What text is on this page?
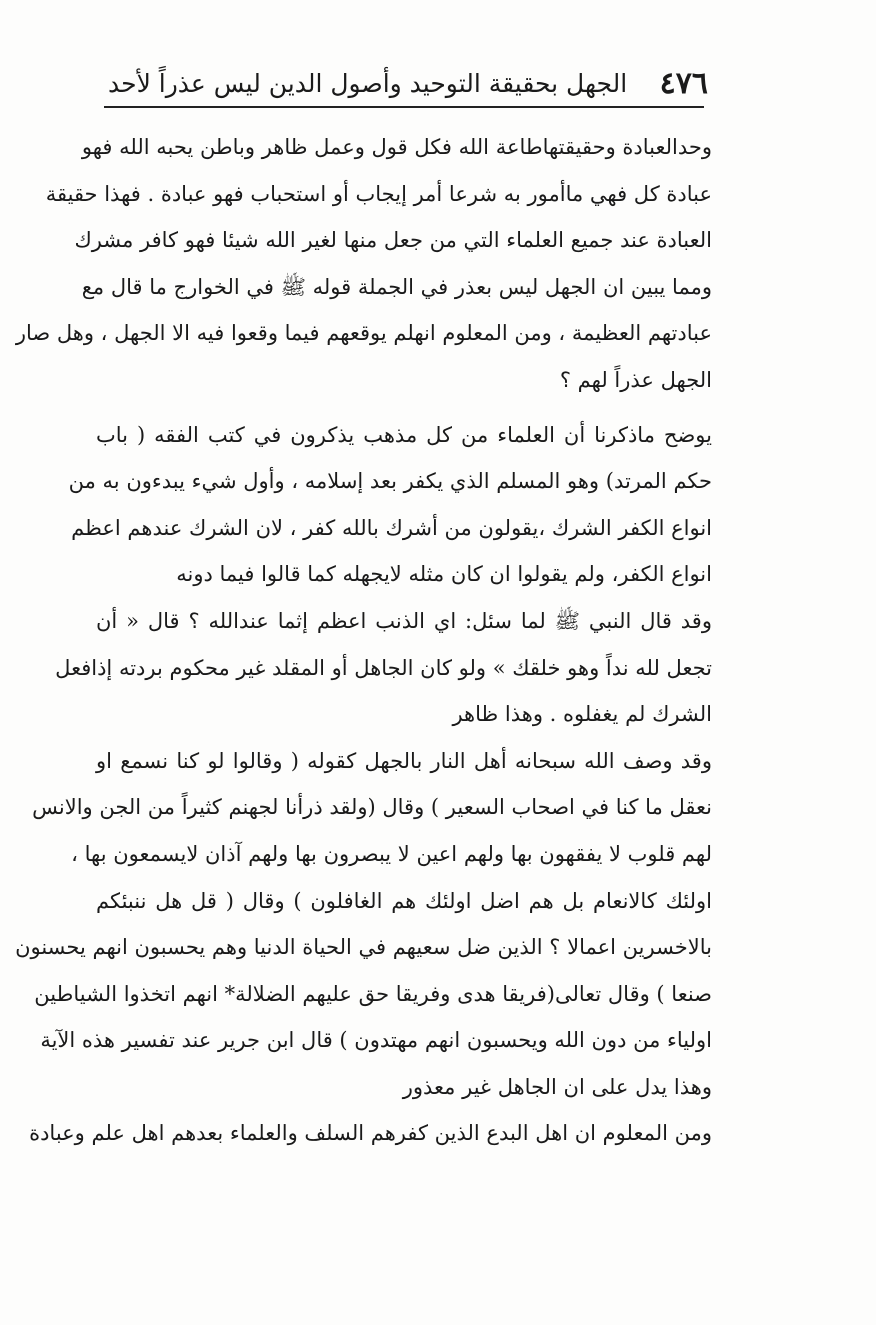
٤٧٦
الجهل بحقيقة التوحيد وأصول الدين ليس عذراً لأحد

وحدالعبادة وحقيقتهاطاعة الله فكل قول وعمل ظاهر وباطن يحبه الله فهو
عبادة كل فهي ماأمور به شرعا أمر إيجاب أو استحباب فهو عبادة . فهذا حقيقة
العبادة عند جميع العلماء التي من جعل منها لغير الله شيئا فهو كافر مشرك

ومما يبين ان الجهل ليس بعذر في الجملة قوله ﷺ في الخوارج ما قال مع
عبادتهم العظيمة ، ومن المعلوم انهلم يوقعهم فيما وقعوا فيه الا الجهل ، وهل صار
الجهل عذراً لهم ؟

يوضح ماذكرنا أن العلماء من كل مذهب يذكرون في كتب الفقه ( باب
حكم المرتد) وهو المسلم الذي يكفر بعد إسلامه ، وأول شيء يبدءون به من
انواع الكفر الشرك ،يقولون من أشرك بالله كفر ، لان الشرك عندهم اعظم
انواع الكفر، ولم يقولوا ان كان مثله لايجهله كما قالوا فيما دونه

وقد قال النبي ﷺ لما سئل: اي الذنب اعظم إثما عندالله ؟ قال « أن
تجعل لله نداً وهو خلقك » ولو كان الجاهل أو المقلد غير محكوم بردته إذافعل
الشرك لم يغفلوه . وهذا ظاهر

وقد وصف الله سبحانه أهل النار بالجهل كقوله ( وقالوا لو كنا نسمع او
نعقل ما كنا في اصحاب السعير ) وقال (ولقد ذرأنا لجهنم كثيراً من الجن والانس
لهم قلوب لا يفقهون بها ولهم اعين لا يبصرون بها ولهم آذان لايسمعون بها ،
اولئك كالانعام بل هم اضل اولئك هم الغافلون ) وقال ( قل هل ننبئكم
بالاخسرين اعمالا ؟ الذين ضل سعيهم في الحياة الدنيا وهم يحسبون انهم يحسنون
صنعا ) وقال تعالى(فريقا هدى وفريقا حق عليهم الضلالة* انهم اتخذوا الشياطين
اولياء من دون الله ويحسبون انهم مهتدون ) قال ابن جرير عند تفسير هذه الآية
وهذا يدل على ان الجاهل غير معذور

ومن المعلوم ان اهل البدع الذين كفرهم السلف والعلماء بعدهم اهل علم وعبادة
